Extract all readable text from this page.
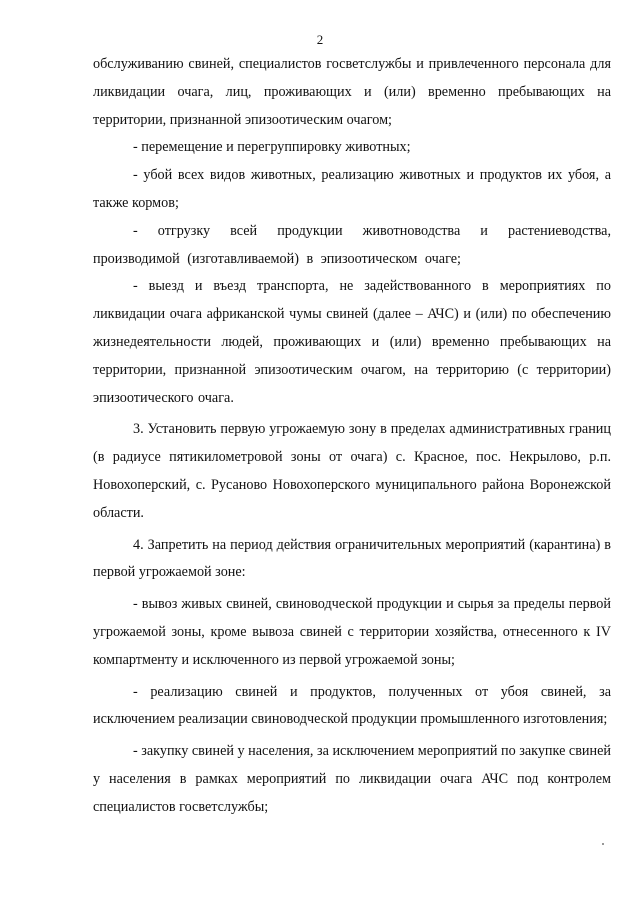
2

обслуживанию свиней, специалистов госветслужбы и привлеченного персонала для ликвидации очага, лиц, проживающих и (или) временно пребывающих на территории, признанной эпизоотическим очагом;

- перемещение и перегруппировку животных;

- убой всех видов животных, реализацию животных и продуктов их убоя, а также кормов;

- отгрузку всей продукции животноводства и растениеводства, производимой (изготавливаемой) в эпизоотическом очаге;

- выезд и въезд транспорта, не задействованного в мероприятиях по ликвидации очага африканской чумы свиней (далее – АЧС) и (или) по обеспечению жизнедеятельности людей, проживающих и (или) временно пребывающих на территории, признанной эпизоотическим очагом, на территорию (с территории) эпизоотического очага.

3. Установить первую угрожаемую зону в пределах административных границ (в радиусе пятикилометровой зоны от очага) с. Красное, пос. Некрылово, р.п. Новохоперский, с. Русаново Новохоперского муниципального района Воронежской области.

4. Запретить на период действия ограничительных мероприятий (карантина) в первой угрожаемой зоне:

- вывоз живых свиней, свиноводческой продукции и сырья за пределы первой угрожаемой зоны, кроме вывоза свиней с территории хозяйства, отнесенного к IV компартменту и исключенного из первой угрожаемой зоны;

- реализацию свиней и продуктов, полученных от убоя свиней, за исключением реализации свиноводческой продукции промышленного изготовления;

- закупку свиней у населения, за исключением мероприятий по закупке свиней у населения в рамках мероприятий по ликвидации очага АЧС под контролем специалистов госветслужбы;
